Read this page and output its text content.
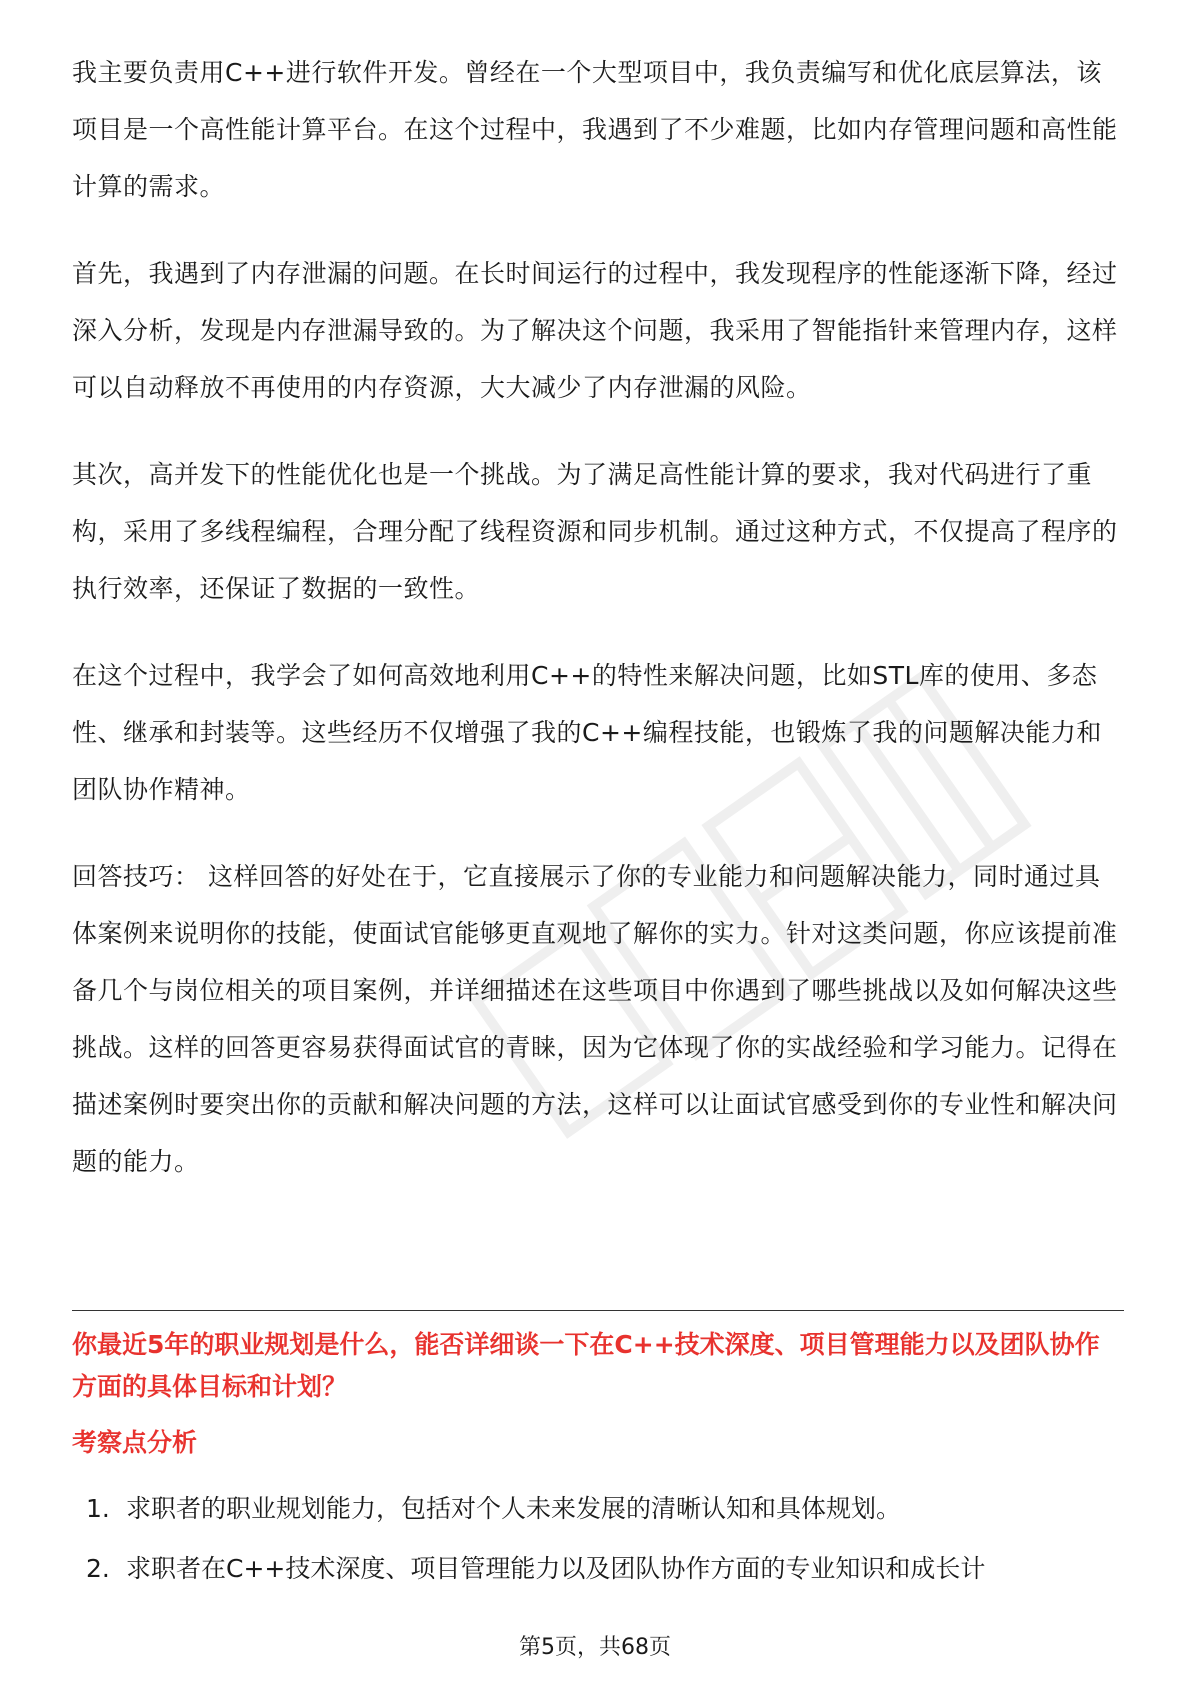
我主要负责用C++进行软件开发。曾经在一个大型项目中，我负责编写和优化底层算法，该项目是一个高性能计算平台。在这个过程中，我遇到了不少难题，比如内存管理问题和高性能计算的需求。

首先，我遇到了内存泄漏的问题。在长时间运行的过程中，我发现程序的性能逐渐下降，经过深入分析，发现是内存泄漏导致的。为了解决这个问题，我采用了智能指针来管理内存，这样可以自动释放不再使用的内存资源，大大减少了内存泄漏的风险。

其次，高并发下的性能优化也是一个挑战。为了满足高性能计算的要求，我对代码进行了重构，采用了多线程编程，合理分配了线程资源和同步机制。通过这种方式，不仅提高了程序的执行效率，还保证了数据的一致性。

在这个过程中，我学会了如何高效地利用C++的特性来解决问题，比如STL库的使用、多态性、继承和封装等。这些经历不仅增强了我的C++编程技能，也锻炼了我的问题解决能力和团队协作精神。

回答技巧： 这样回答的好处在于，它直接展示了你的专业能力和问题解决能力，同时通过具体案例来说明你的技能，使面试官能够更直观地了解你的实力。针对这类问题，你应该提前准备几个与岗位相关的项目案例，并详细描述在这些项目中你遇到了哪些挑战以及如何解决这些挑战。这样的回答更容易获得面试官的青睐，因为它体现了你的实战经验和学习能力。记得在描述案例时要突出你的贡献和解决问题的方法，这样可以让面试官感受到你的专业性和解决问题的能力。

你最近5年的职业规划是什么，能否详细谈一下在C++技术深度、项目管理能力以及团队协作方面的具体目标和计划？

考察点分析

1. 求职者的职业规划能力，包括对个人未来发展的清晰认知和具体规划。
2. 求职者在C++技术深度、项目管理能力以及团队协作方面的专业知识和成长计
第5页，共68页
